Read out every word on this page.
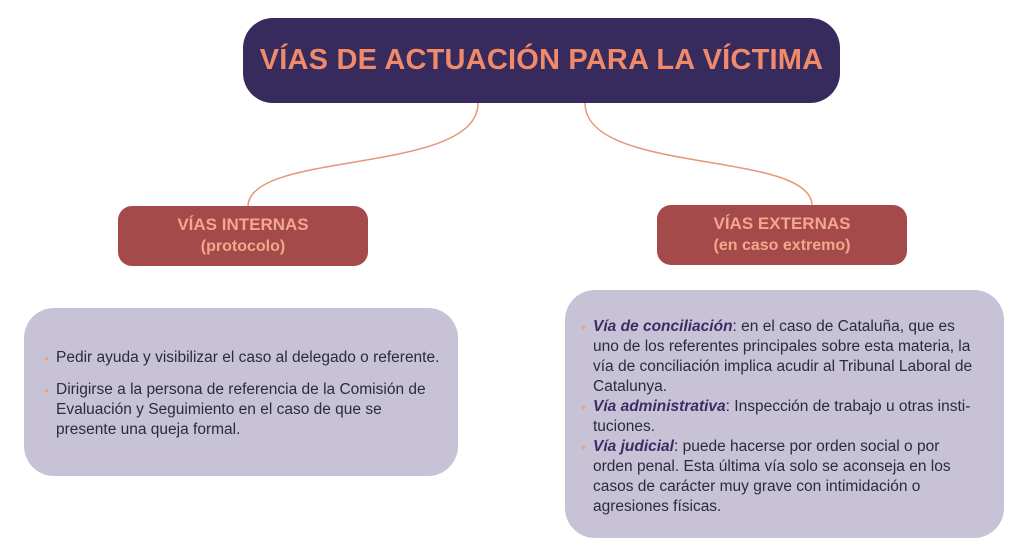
VÍAS DE ACTUACIÓN PARA LA VÍCTIMA
VÍAS INTERNAS
(protocolo)
VÍAS EXTERNAS
(en caso extremo)
• Pedir ayuda y visibilizar el caso al delegado o referente.
• Dirigirse a la persona de referencia de la Comisión de Evaluación y Seguimiento en el caso de que se presente una queja formal.
• Vía de conciliación: en el caso de Cataluña, que es uno de los referentes principales sobre esta materia, la vía de conciliación implica acudir al Tribunal Laboral de Catalunya.
• Vía administrativa: Inspección de trabajo u otras instituciones.
• Vía judicial: puede hacerse por orden social o por orden penal. Esta última vía solo se aconseja en los casos de carácter muy grave con intimidación o agresiones físicas.
